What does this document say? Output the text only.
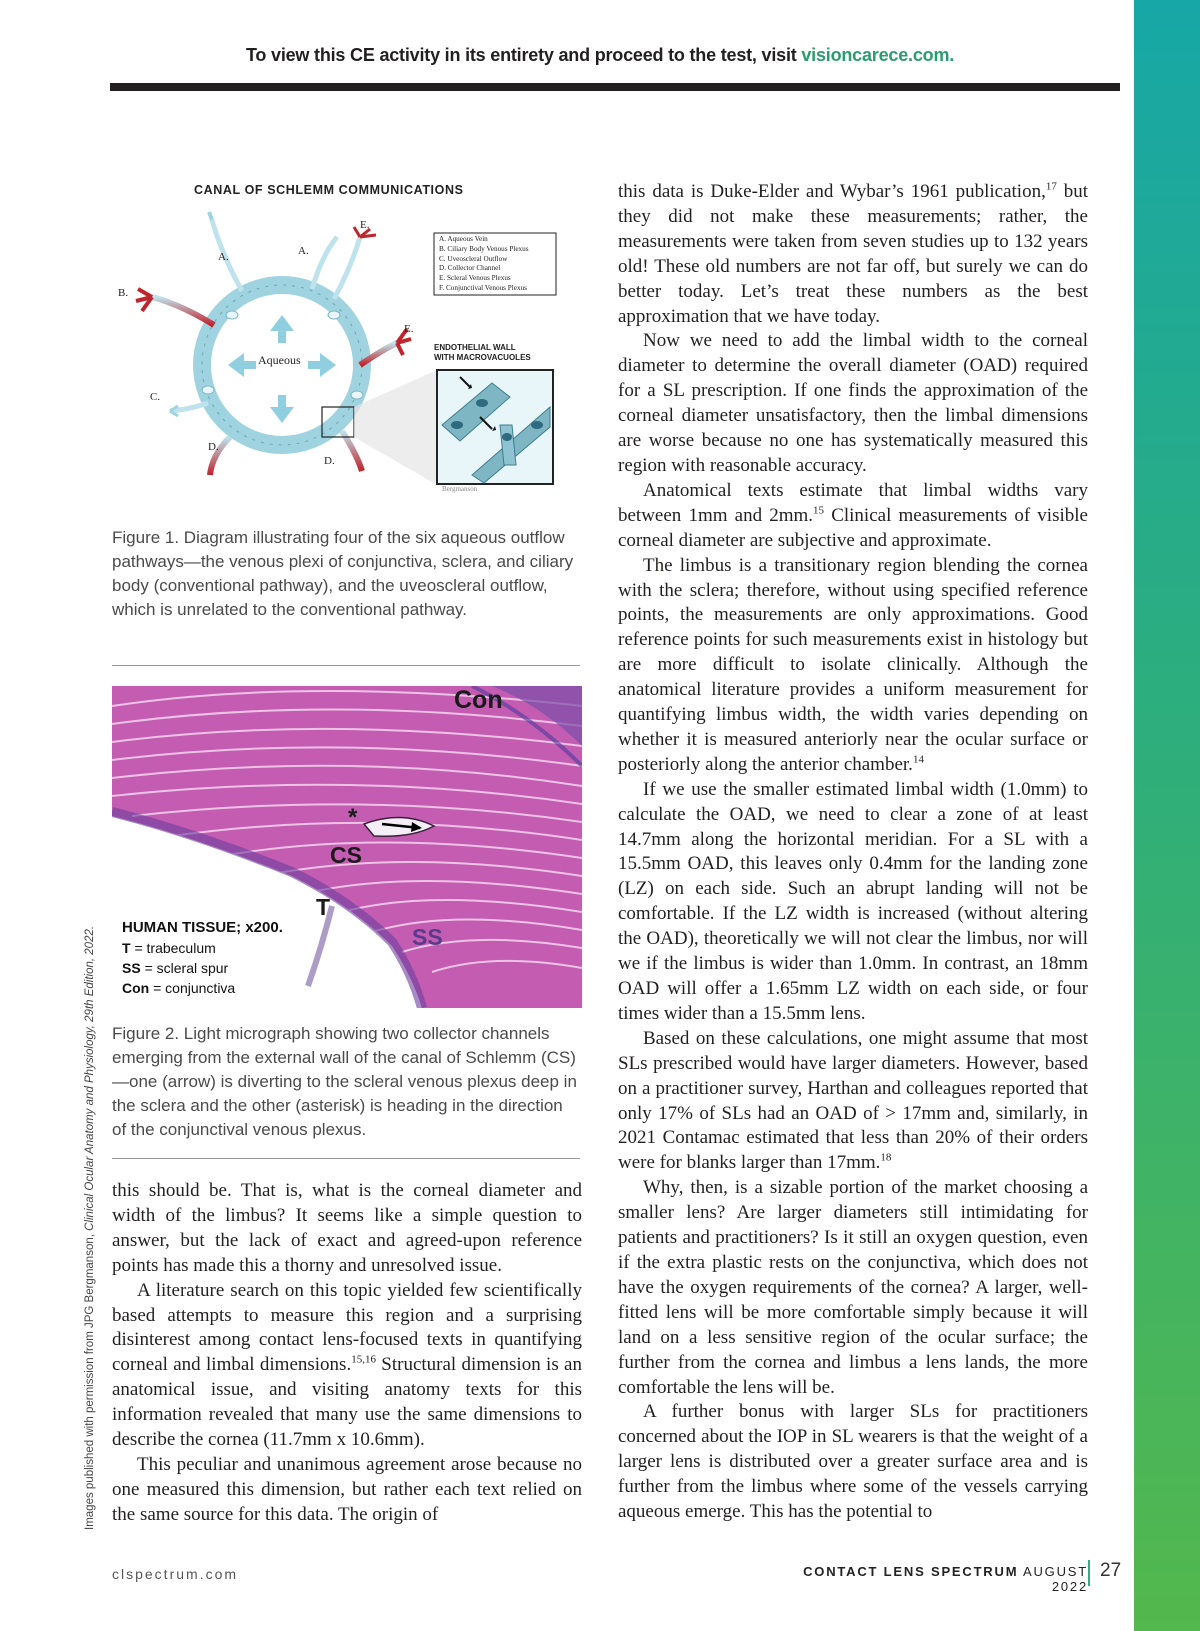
To view this CE activity in its entirety and proceed to the test, visit visioncarece.com.
Images published with permission from JPG Bergmanson, Clinical Ocular Anatomy and Physiology, 29th Edition, 2022.
CANAL OF SCHLEMM COMMUNICATIONS
A. Aqueous Vein
B. Ciliary Body Venous Plexus
C. Uveoscleral Outflow
D. Collector Channel
E. Scleral Venous Plexus
F. Conjunctival Venous Plexus
A.	A.
B.
C.
D.
D.
E.
E.
Aqueous
ENDOTHELIAL WALL
WITH MACROVACUOLES
Bergmanson
Figure 1. Diagram illustrating four of the six aqueous outflow pathways—the venous plexi of conjunctiva, sclera, and ciliary body (conventional pathway), and the uveoscleral outflow, which is unrelated to the conventional pathway.
Con
*
CS
T
SS
HUMAN TISSUE; x200.
T = trabeculum
SS = scleral spur
Con = conjunctiva
Figure 2. Light micrograph showing two collector channels emerging from the external wall of the canal of Schlemm (CS)—one (arrow) is diverting to the scleral venous plexus deep in the sclera and the other (asterisk) is heading in the direction of the conjunctival venous plexus.

this should be. That is, what is the corneal diameter and width of the limbus? It seems like a simple question to answer, but the lack of exact and agreed-upon reference points has made this a thorny and unresolved issue.

A literature search on this topic yielded few scientifically based attempts to measure this region and a surprising disinterest among contact lens-focused texts in quantifying corneal and limbal dimensions.$^{15,16}$ Structural dimension is an anatomical issue, and visiting anatomy texts for this information revealed that many use the same dimensions to describe the cornea (11.7mm x 10.6mm).

This peculiar and unanimous agreement arose because no one measured this dimension, but rather each text relied on the same source for this data. The origin of

this data is Duke-Elder and Wybar’s 1961 publication,$^{17}$ but they did not make these measurements; rather, the measurements were taken from seven studies up to 132 years old! These old numbers are not far off, but surely we can do better today. Let’s treat these numbers as the best approximation that we have today.

Now we need to add the limbal width to the corneal diameter to determine the overall diameter (OAD) required for a SL prescription. If one finds the approximation of the corneal diameter unsatisfactory, then the limbal dimensions are worse because no one has systematically measured this region with reasonable accuracy.

Anatomical texts estimate that limbal widths vary between 1mm and 2mm.$^{15}$ Clinical measurements of visible corneal diameter are subjective and approximate.

The limbus is a transitionary region blending the cornea with the sclera; therefore, without using specified reference points, the measurements are only approximations. Good reference points for such measurements exist in histology but are more difficult to isolate clinically. Although the anatomical literature provides a uniform measurement for quantifying limbus width, the width varies depending on whether it is measured anteriorly near the ocular surface or posteriorly along the anterior chamber.$^{14}$

If we use the smaller estimated limbal width (1.0mm) to calculate the OAD, we need to clear a zone of at least 14.7mm along the horizontal meridian. For a SL with a 15.5mm OAD, this leaves only 0.4mm for the landing zone (LZ) on each side. Such an abrupt landing will not be comfortable. If the LZ width is increased (without altering the OAD), theoretically we will not clear the limbus, nor will we if the limbus is wider than 1.0mm. In contrast, an 18mm OAD will offer a 1.65mm LZ width on each side, or four times wider than a 15.5mm lens.

Based on these calculations, one might assume that most SLs prescribed would have larger diameters. However, based on a practitioner survey, Harthan and colleagues reported that only 17% of SLs had an OAD of > 17mm and, similarly, in 2021 Contamac estimated that less than 20% of their orders were for blanks larger than 17mm.$^{18}$

Why, then, is a sizable portion of the market choosing a smaller lens? Are larger diameters still intimidating for patients and practitioners? Is it still an oxygen question, even if the extra plastic rests on the conjunctiva, which does not have the oxygen requirements of the cornea? A larger, well-fitted lens will be more comfortable simply because it will land on a less sensitive region of the ocular surface; the further from the cornea and limbus a lens lands, the more comfortable the lens will be.

A further bonus with larger SLs for practitioners concerned about the IOP in SL wearers is that the weight of a larger lens is distributed over a greater surface area and is further from the limbus where some of the vessels carrying aqueous emerge. This has the potential to

clspectrum.com	CONTACT LENS SPECTRUM AUGUST 2022
27
